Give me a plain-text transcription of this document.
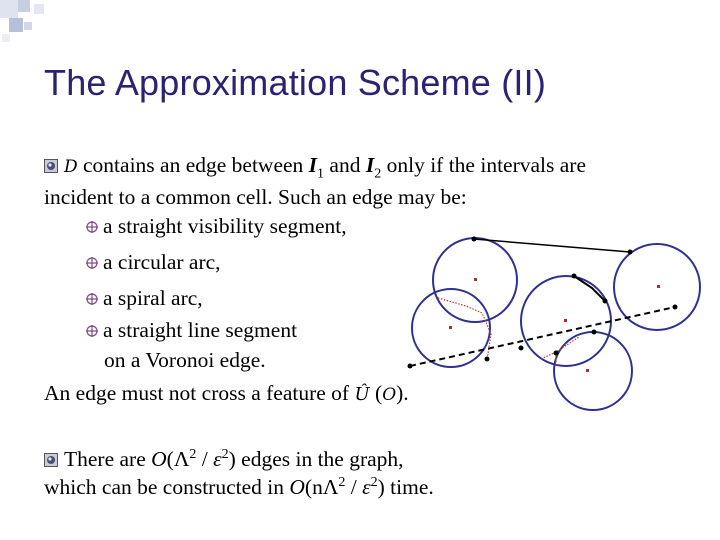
The Approximation Scheme (II)
D contains an edge between $I_1$ and $I_2$ only if the intervals are
incident to a common cell. Such an edge may be:
a straight visibility segment,
a circular arc,
a spiral arc,
a straight line segment
on a Voronoi edge.
An edge must not cross a feature of Û (O).
There are $O(\Lambda^2 / \varepsilon^2)$ edges in the graph,
which can be constructed in $O(n\Lambda^2 / \varepsilon^2)$ time.
